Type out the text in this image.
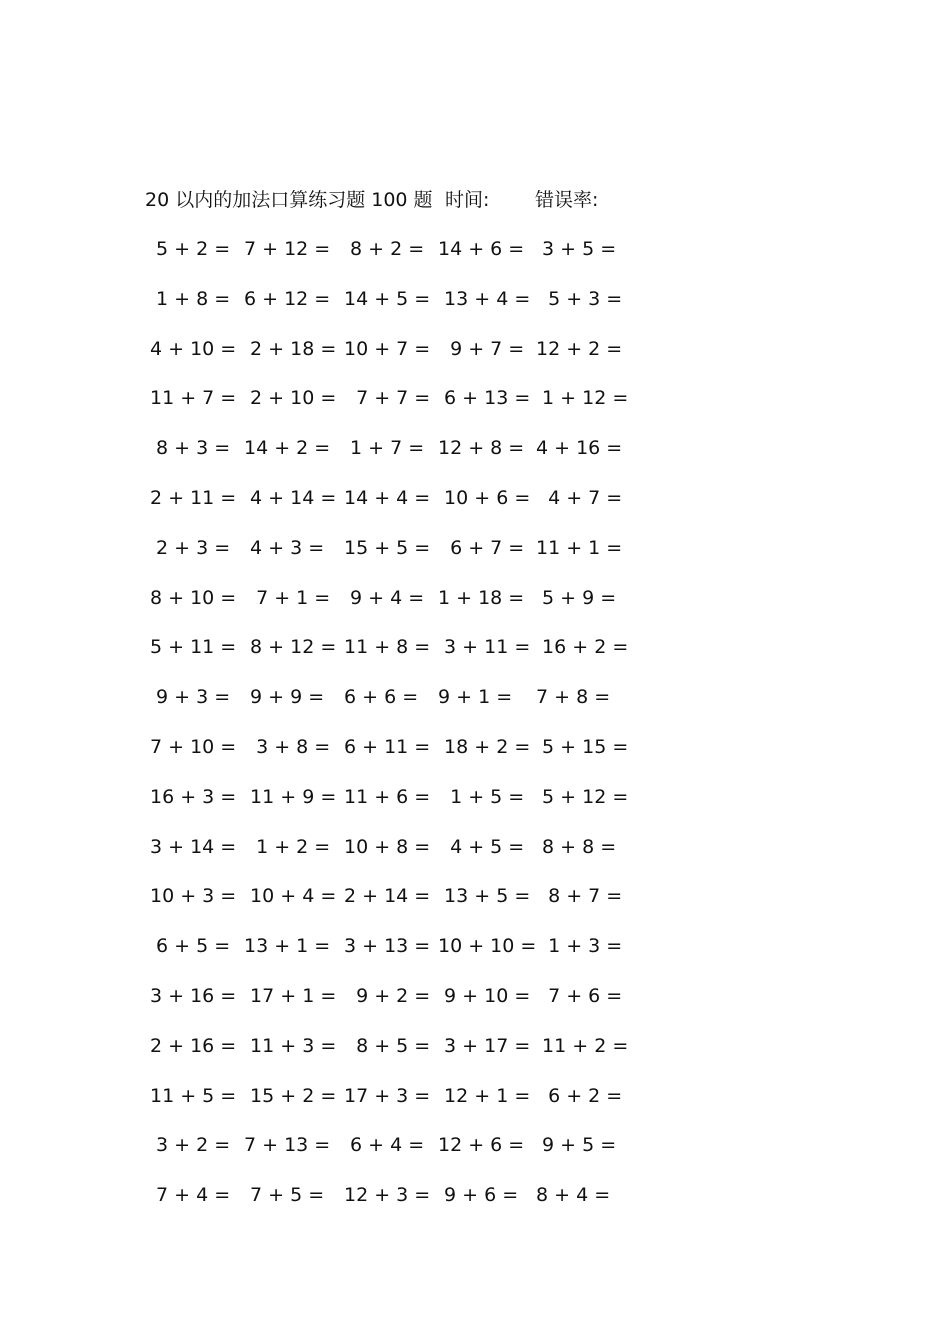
20 以内的加法口算练习题 100 题 时间: 错误率:
5 + 2 = 7 + 12 = 8 + 2 = 14 + 6 = 3 + 5 =
1 + 8 = 6 + 12 = 14 + 5 = 13 + 4 = 5 + 3 =
4 + 10 = 2 + 18 = 10 + 7 = 9 + 7 = 12 + 2 =
11 + 7 = 2 + 10 = 7 + 7 = 6 + 13 = 1 + 12 =
8 + 3 = 14 + 2 = 1 + 7 = 12 + 8 = 4 + 16 =
2 + 11 = 4 + 14 = 14 + 4 = 10 + 6 = 4 + 7 =
2 + 3 = 4 + 3 = 15 + 5 = 6 + 7 = 11 + 1 =
8 + 10 = 7 + 1 = 9 + 4 = 1 + 18 = 5 + 9 =
5 + 11 = 8 + 12 = 11 + 8 = 3 + 11 = 16 + 2 =
9 + 3 = 9 + 9 = 6 + 6 = 9 + 1 = 7 + 8 =
7 + 10 = 3 + 8 = 6 + 11 = 18 + 2 = 5 + 15 =
16 + 3 = 11 + 9 = 11 + 6 = 1 + 5 = 5 + 12 =
3 + 14 = 1 + 2 = 10 + 8 = 4 + 5 = 8 + 8 =
10 + 3 = 10 + 4 = 2 + 14 = 13 + 5 = 8 + 7 =
6 + 5 = 13 + 1 = 3 + 13 = 10 + 10 = 1 + 3 =
3 + 16 = 17 + 1 = 9 + 2 = 9 + 10 = 7 + 6 =
2 + 16 = 11 + 3 = 8 + 5 = 3 + 17 = 11 + 2 =
11 + 5 = 15 + 2 = 17 + 3 = 12 + 1 = 6 + 2 =
3 + 2 = 7 + 13 = 6 + 4 = 12 + 6 = 9 + 5 =
7 + 4 = 7 + 5 = 12 + 3 = 9 + 6 = 8 + 4 =
